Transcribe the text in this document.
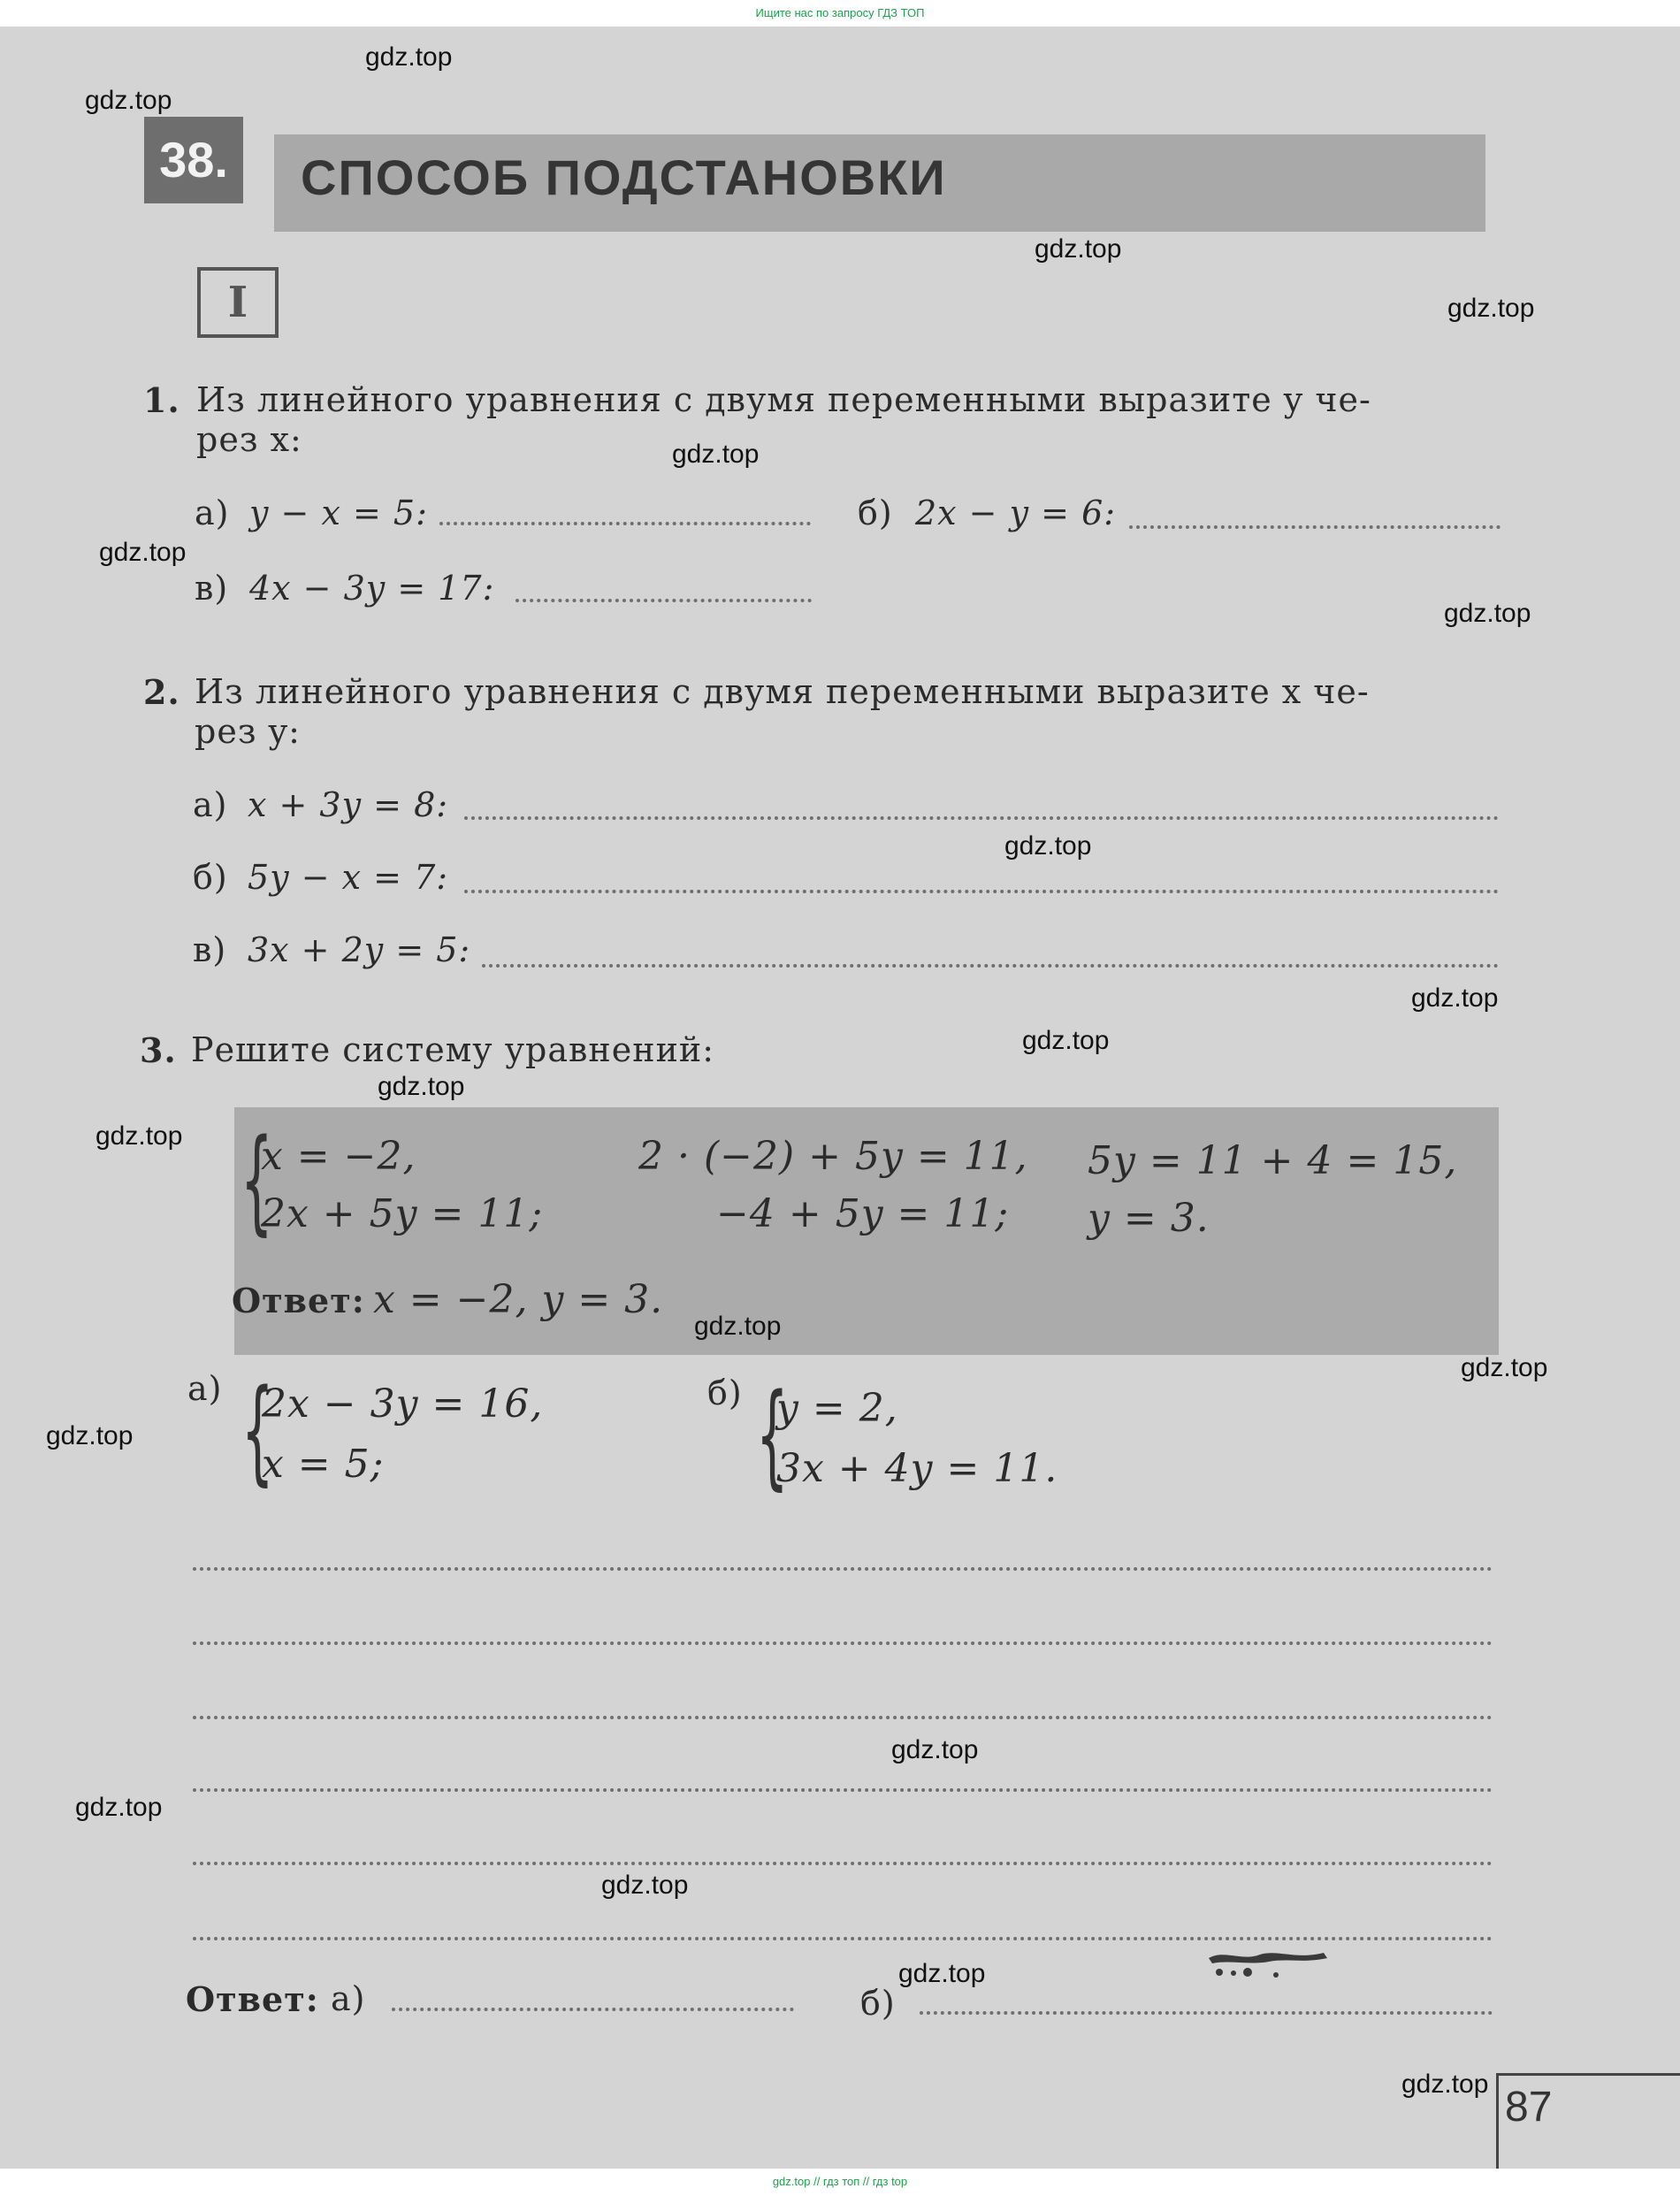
Ищите нас по запросу ГДЗ ТОП
38.	СПОСОБ ПОДСТАНОВКИ
I
1. Из линейного уравнения с двумя переменными выразите y че-
рез x:
а) y − x = 5:	б) 2x − y = 6:
в) 4x − 3y = 17:
2. Из линейного уравнения с двумя переменными выразите x че-
рез y:
а) x + 3y = 8:
б) 5y − x = 7:
в) 3x + 2y = 5:
3. Решите систему уравнений:
{
x = −2,
2x + 5y = 11;
2 · (−2) + 5y = 11,
−4 + 5y = 11;
5y = 11 + 4 = 15,
y = 3.
Ответ: x = −2, y = 3.
а) {
2x − 3y = 16,
x = 5;
б) {
y = 2,
3x + 4y = 11.
Ответ: а)	б)
87
gdz.top
gdz.top
gdz.top
gdz.top
gdz.top
gdz.top
gdz.top
gdz.top
gdz.top
gdz.top
gdz.top
gdz.top
gdz.top
gdz.top
gdz.top
gdz.top
gdz.top
gdz.top
gdz.top
gdz.top
gdz.top // гдз топ // гдз top
